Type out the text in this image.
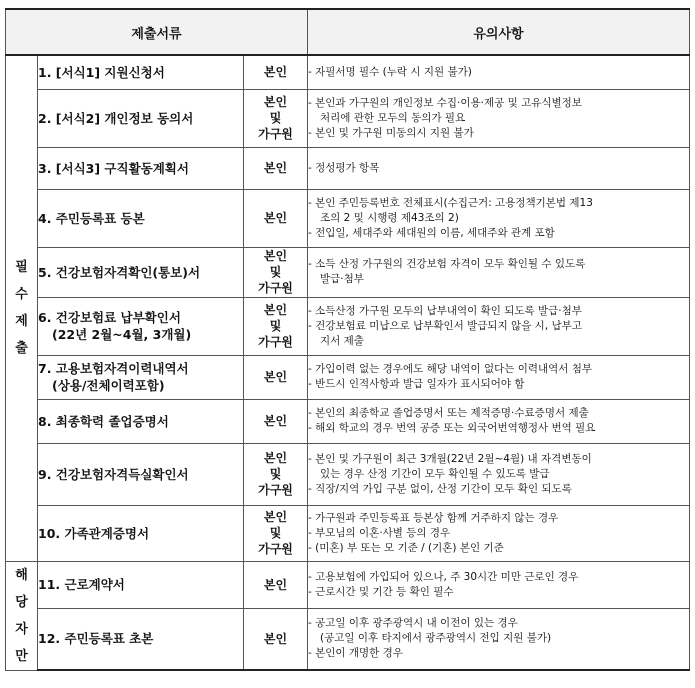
제출서류			유의사항

필
수
제
출	1. [서식1] 지원신청서	본인	- 자필서명 필수 (누락 시 지원 불가)

	2. [서식2] 개인정보 동의서	본인
및
가구원	- 본인과 가구원의 개인정보 수집·이용·제공 및 고유식별정보
처리에 관한 모두의 동의가 필요
- 본인 및 가구원 미동의시 지원 불가

	3. [서식3] 구직활동계획서	본인	- 정성평가 항목

	4. 주민등록표 등본	본인	- 본인 주민등록번호 전체표시(수집근거: 고용정책기본법 제13
조의 2 및 시행령 제43조의 2)
- 전입일, 세대주와 세대원의 이름, 세대주와 관계 포함

	5. 건강보험자격확인(통보)서	본인
및
가구원	- 소득 산정 가구원의 건강보험 자격이 모두 확인될 수 있도록
발급·첨부

	6. 건강보험료 납부확인서
(22년 2월~4월, 3개월)	본인
및
가구원	- 소득산정 가구원 모두의 납부내역이 확인 되도록 발급·첨부
- 건강보험료 미납으로 납부확인서 발급되지 않을 시, 납부고
지서 제출

	7. 고용보험자격이력내역서
(상용/전체이력포함)	본인	- 가입이력 없는 경우에도 해당 내역이 없다는 이력내역서 첨부
- 반드시 인적사항과 발급 일자가 표시되어야 함

	8. 최종학력 졸업증명서	본인	- 본인의 최종학교 졸업증명서 또는 제적증명·수료증명서 제출
- 해외 학교의 경우 번역 공증 또는 외국어번역행정사 번역 필요

	9. 건강보험자격득실확인서	본인
및
가구원	- 본인 및 가구원이 최근 3개월(22년 2월~4월) 내 자격변동이
있는 경우 산정 기간이 모두 확인될 수 있도록 발급
- 직장/지역 가입 구분 없이, 산정 기간이 모두 확인 되도록

	10. 가족관계증명서	본인
및
가구원	- 가구원과 주민등록표 등본상 함께 거주하지 않는 경우
- 부모님의 이혼·사별 등의 경우
- (미혼) 부 또는 모 기준 / (기혼) 본인 기준

해
당
자
만	11. 근로계약서	본인	- 고용보험에 가입되어 있으나, 주 30시간 미만 근로인 경우
- 근로시간 및 기간 등 확인 필수

	12. 주민등록표 초본	본인	- 공고일 이후 광주광역시 내 이전이 있는 경우
(공고일 이후 타지에서 광주광역시 전입 지원 불가)
- 본인이 개명한 경우
